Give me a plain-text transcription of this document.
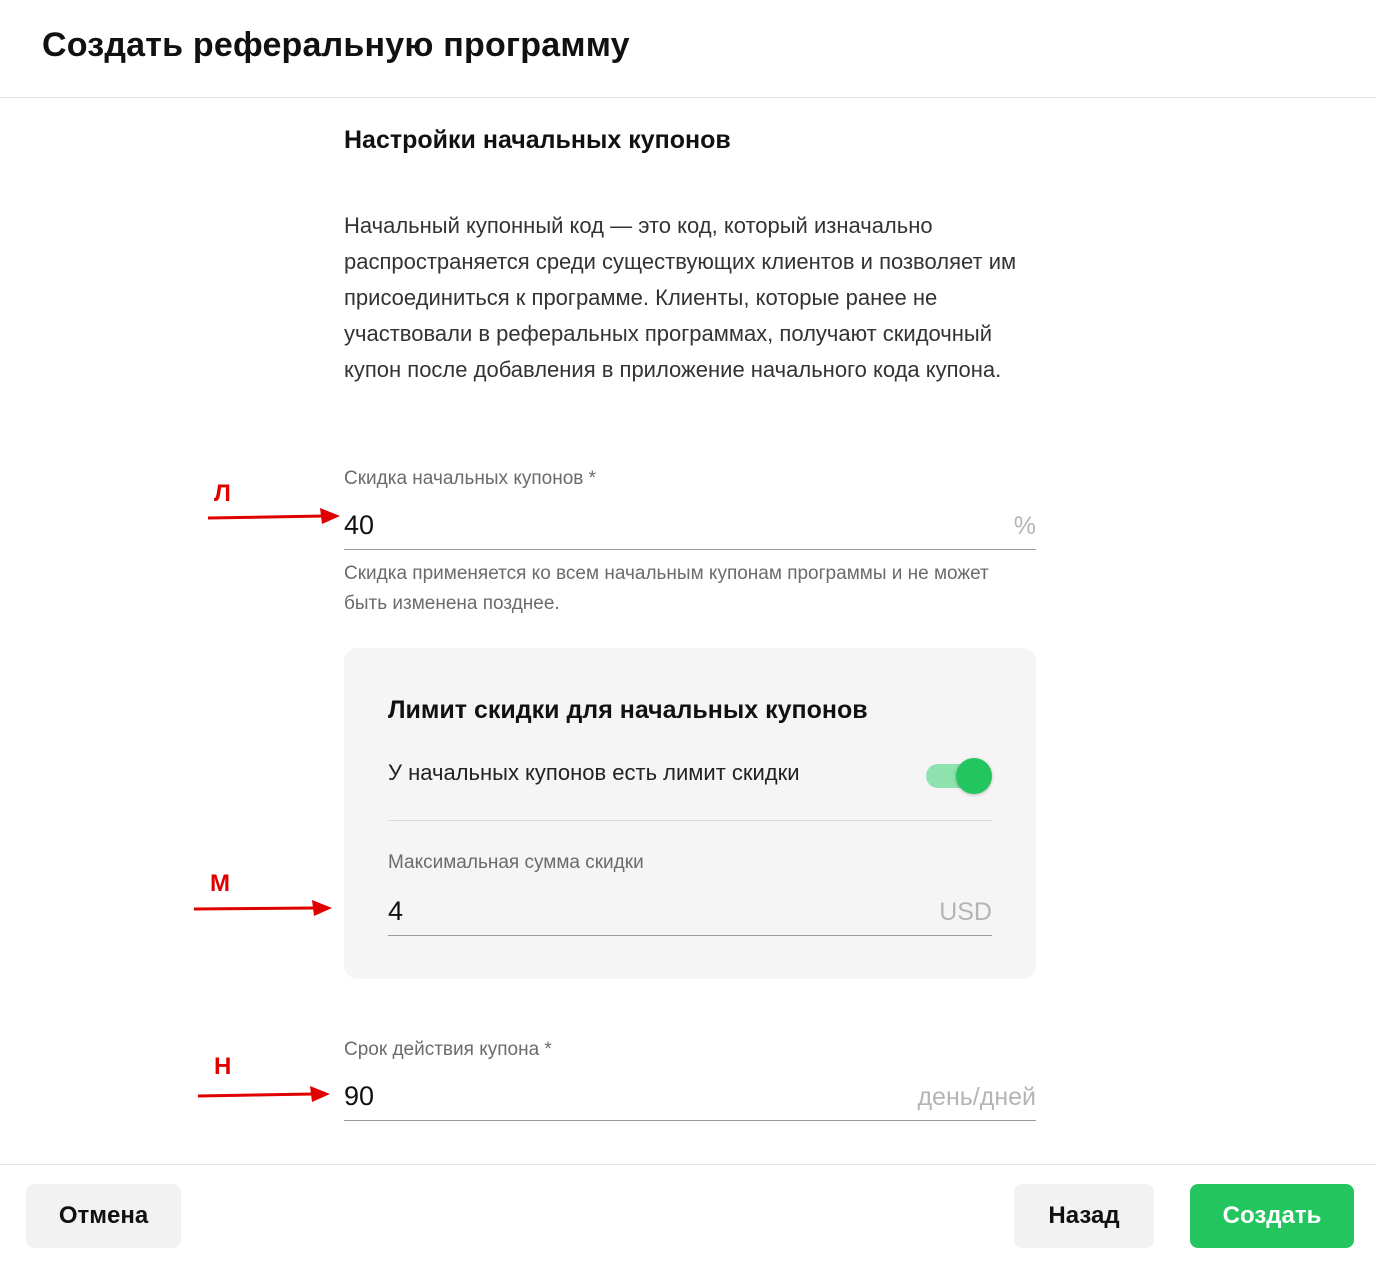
Создать реферальную программу
Настройки начальных купонов

Начальный купонный код — это код, который изначально распространяется среди существующих клиентов и позволяет им присоединиться к программе. Клиенты, которые ранее не участвовали в реферальных программах, получают скидочный купон после добавления в приложение начального кода купона.

Скидка начальных купонов *
40	%

Скидка применяется ко всем начальным купонам программы и не может быть изменена позднее.

Срок действия купона *
90	день/дней
Лимит скидки для начальных купонов
У начальных купонов есть лимит скидки
Максимальная сумма скидки
4	USD
Л
М
Н
Отмена	Назад	Создать
